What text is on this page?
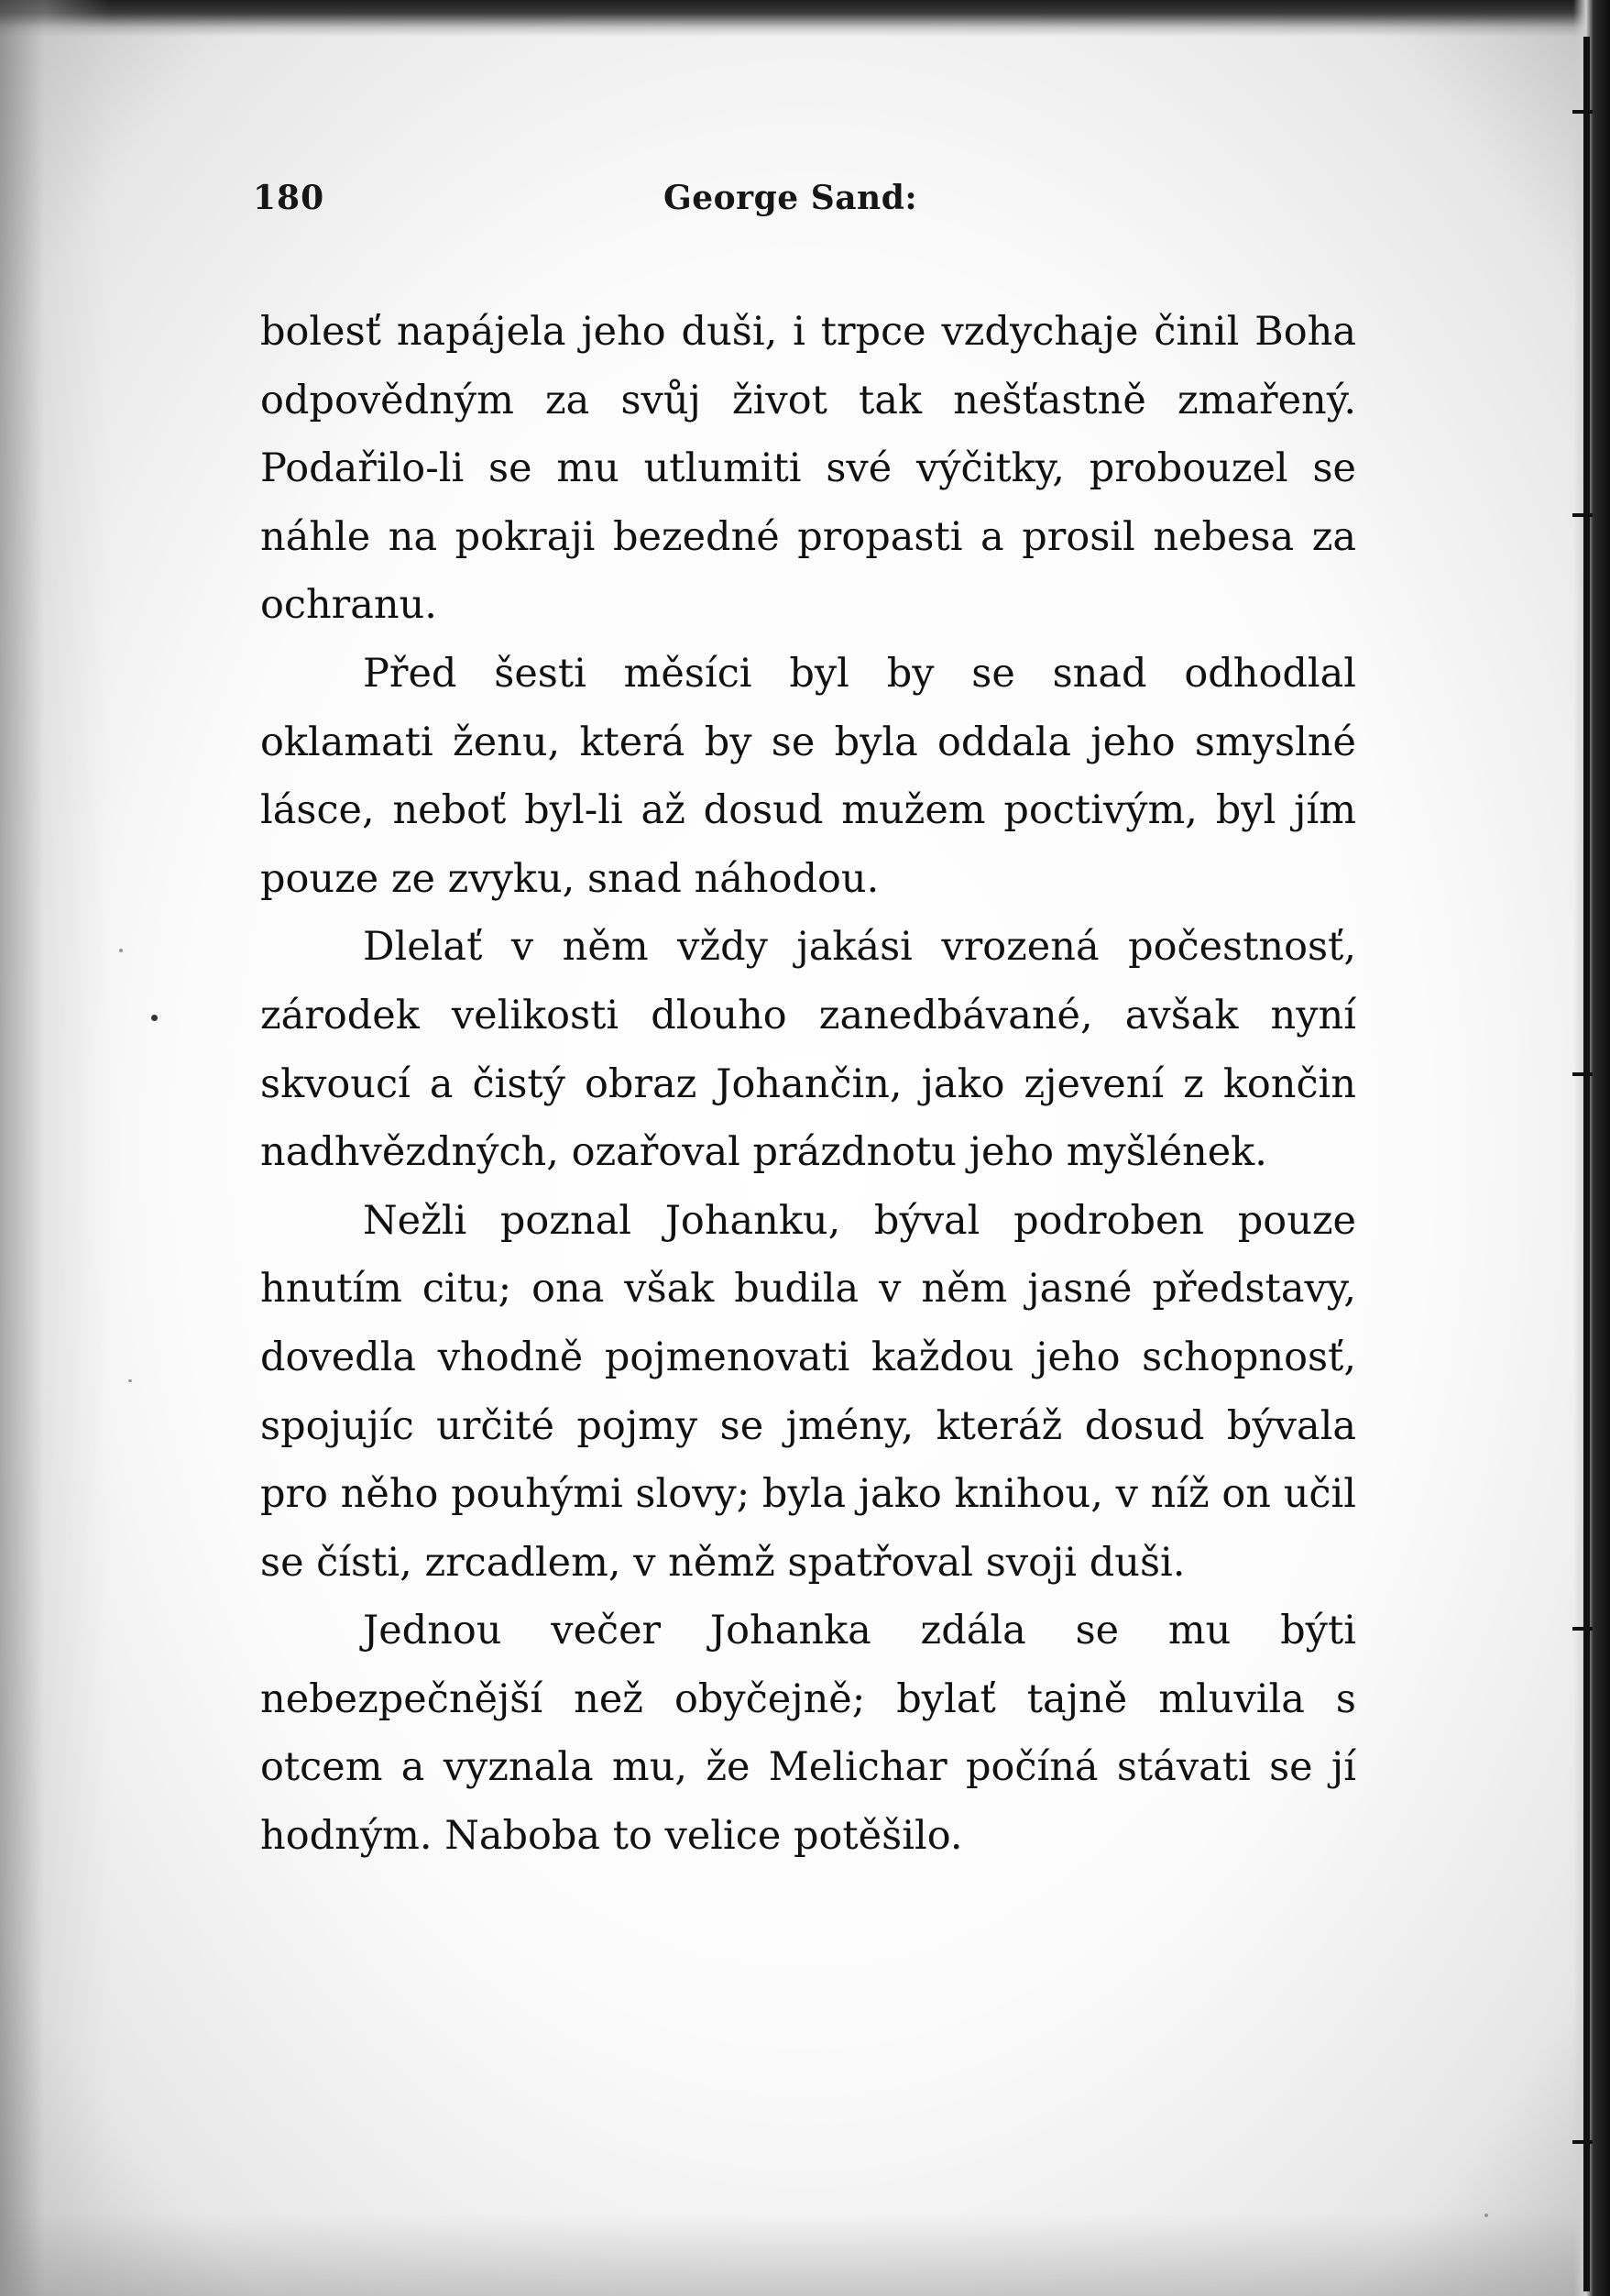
180	George Sand:

bolesť napájela jeho duši, i trpce vzdychaje činil Boha odpovědným za svůj život tak nešťastně zmařený. Podařilo-li se mu utlumiti své výčitky, probouzel se náhle na pokraji bezedné propasti a prosil nebesa za ochranu.

Před šesti měsíci byl by se snad odhodlal oklamati ženu, která by se byla oddala jeho smyslné lásce, neboť byl-li až dosud mužem poctivým, byl jím pouze ze zvyku, snad náhodou.

Dlelať v něm vždy jakási vrozená počestnosť, zárodek velikosti dlouho zanedbávané, avšak nyní skvoucí a čistý obraz Johančin, jako zjevení z končin nadhvězdných, ozařoval prázdnotu jeho myšlének.

Nežli poznal Johanku, býval podroben pouze hnutím citu; ona však budila v něm jasné představy, dovedla vhodně pojmenovati každou jeho schopnosť, spojujíc určité pojmy se jmény, kteráž dosud bývala pro něho pouhými slovy; byla jako knihou, v níž on učil se čísti, zrcadlem, v němž spatřoval svoji duši.

Jednou večer Johanka zdála se mu býti nebezpečnější než obyčejně; bylať tajně mluvila s otcem a vyznala mu, že Melichar počíná stávati se jí hodným. Naboba to velice potěšilo.
